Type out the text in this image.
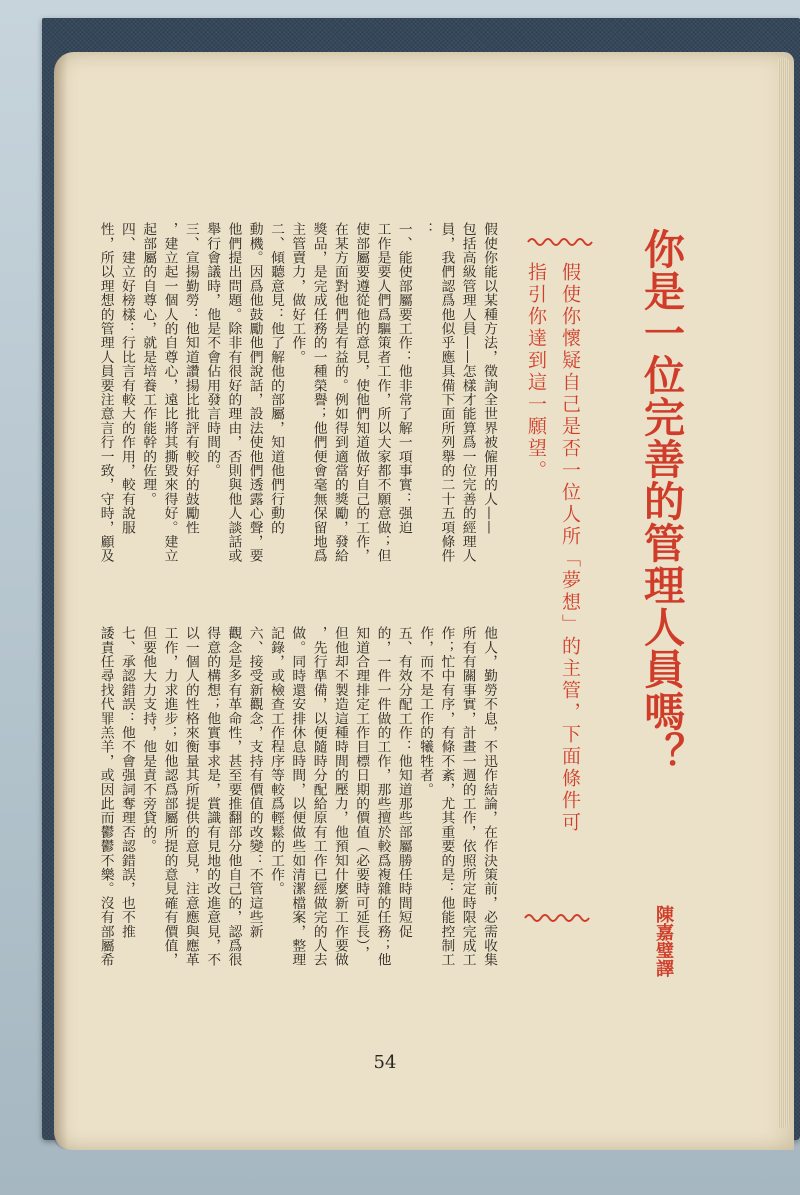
你是一位完善的管理人員嗎？
假使你懷疑自己是否一位人所「夢想」的主管，下面條件可
指引你達到這一願望。
陳嘉璧譯
假使你能以某種方法，徵詢全世界被僱用的人——
包括高級管理人員——怎樣才能算爲一位完善的經理人
員，我們認爲他似乎應具備下面所列舉的二十五項條件
：
一、能使部屬要工作：他非常了解一項事實：强迫
工作是要人們爲驅策者工作，所以大家都不願意做；但
使部屬要遵從他的意見，使他們知道做好自己的工作，
在某方面對他們是有益的。例如得到適當的獎勵，發給
獎品，是完成任務的一種榮譽；他們便會毫無保留地爲
主管賣力，做好工作。
二、傾聽意見：他了解他的部屬，知道他們行動的
動機。因爲他鼓勵他們說話，設法使他們透露心聲，要
他們提出問題。除非有很好的理由，否則與他人談話或
舉行會議時，他是不會佔用發言時間的。
三、宣揚勤勞：他知道讚揚比批評有較好的鼓勵性
，建立起一個人的自尊心，遠比將其撕毀來得好。建立
起部屬的自尊心，就是培養工作能幹的佐理。
四、建立好榜樣：行比言有較大的作用，較有說服
性，所以理想的管理人員要注意言行一致，守時，顧及
他人，勤勞不息，不迅作結論，在作決策前，必需收集
所有有關事實，計畫一週的工作，依照所定時限完成工
作；忙中有序，有條不紊，尤其重要的是：他能控制工
作，而不是工作的犧牲者。
五、有效分配工作：他知道那些部屬勝任時間短促
的，一件一件做的工作，那些擅於較爲複雜的任務；他
知道合理排定工作目標日期的價值（必要時可延長），
但他却不製造這種時間的壓力，他預知什麼新工作要做
，先行準備，以便隨時分配給原有工作已經做完的人去
做。同時還安排休息時間，以便做些如清潔檔案，整理
記錄，或檢查工作程序等較爲輕鬆的工作。
六、接受新觀念，支持有價值的改變：不管這些新
觀念是多有革命性，甚至要推翻部分他自己的，認爲很
得意的構想；他實事求是，賞識有見地的改進意見，不
以一個人的性格來衡量其所提供的意見，注意應與應革
工作，力求進步；如他認爲部屬所提的意見確有價值，
但要他大力支持，他是責不旁貸的。
七、承認錯誤：他不會强詞奪理否認錯誤，也不推
諉責任尋找代罪羔羊，或因此而鬱鬱不樂。沒有部屬希
54
